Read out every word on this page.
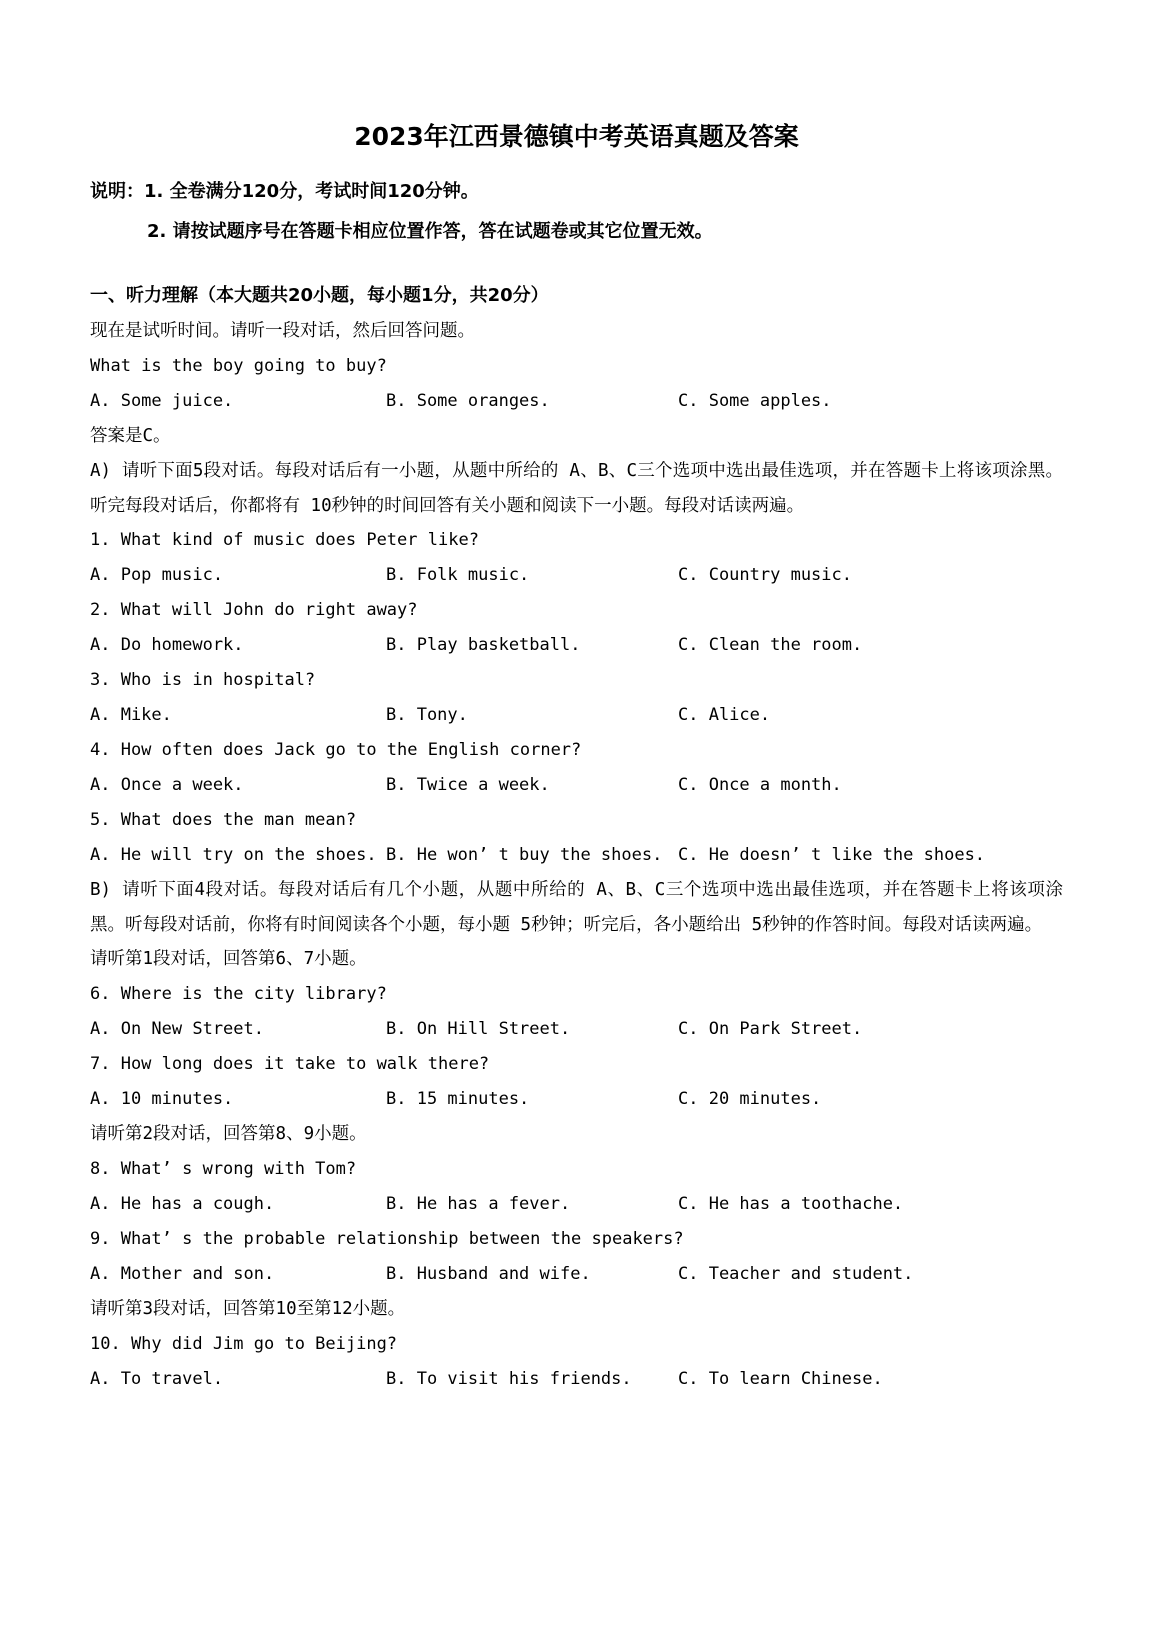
2023年江西景德镇中考英语真题及答案
说明：1. 全卷满分120分，考试时间120分钟。
2. 请按试题序号在答题卡相应位置作答，答在试题卷或其它位置无效。
一、听力理解（本大题共20小题，每小题1分，共20分）
现在是试听时间。请听一段对话，然后回答问题。
What is the boy going to buy?
A. Some juice.	B. Some oranges.	C. Some apples.
答案是C。

A) 请听下面5段对话。每段对话后有一小题，从题中所给的 A、B、C三个选项中选出最佳选项，并在答题卡上将该项涂黑。听完每段对话后，你都将有 10秒钟的时间回答有关小题和阅读下一小题。每段对话读两遍。

1. What kind of music does Peter like?
A. Pop music.	B. Folk music.	C. Country music.
2. What will John do right away?
A. Do homework.	B. Play basketball.	C. Clean the room.
3. Who is in hospital?
A. Mike.	B. Tony.	C. Alice.
4. How often does Jack go to the English corner?
A. Once a week.	B. Twice a week.	C. Once a month.
5. What does the man mean?
A. He will try on the shoes. B. He won’ t buy the shoes. C. He doesn’ t like the shoes.

B) 请听下面4段对话。每段对话后有几个小题，从题中所给的 A、B、C三个选项中选出最佳选项，并在答题卡上将该项涂黑。听每段对话前，你将有时间阅读各个小题，每小题 5秒钟；听完后，各小题给出 5秒钟的作答时间。每段对话读两遍。

请听第1段对话，回答第6、7小题。
6. Where is the city library?
A. On New Street.	B. On Hill Street.	C. On Park Street.
7. How long does it take to walk there?
A. 10 minutes.	B. 15 minutes.	C. 20 minutes.
请听第2段对话，回答第8、9小题。
8. What’ s wrong with Tom?
A. He has a cough.	B. He has a fever.	C. He has a toothache.
9. What’ s the probable relationship between the speakers?
A. Mother and son.	B. Husband and wife.	C. Teacher and student.
请听第3段对话，回答第10至第12小题。
10. Why did Jim go to Beijing?
A. To travel.	B. To visit his friends.	C. To learn Chinese.
